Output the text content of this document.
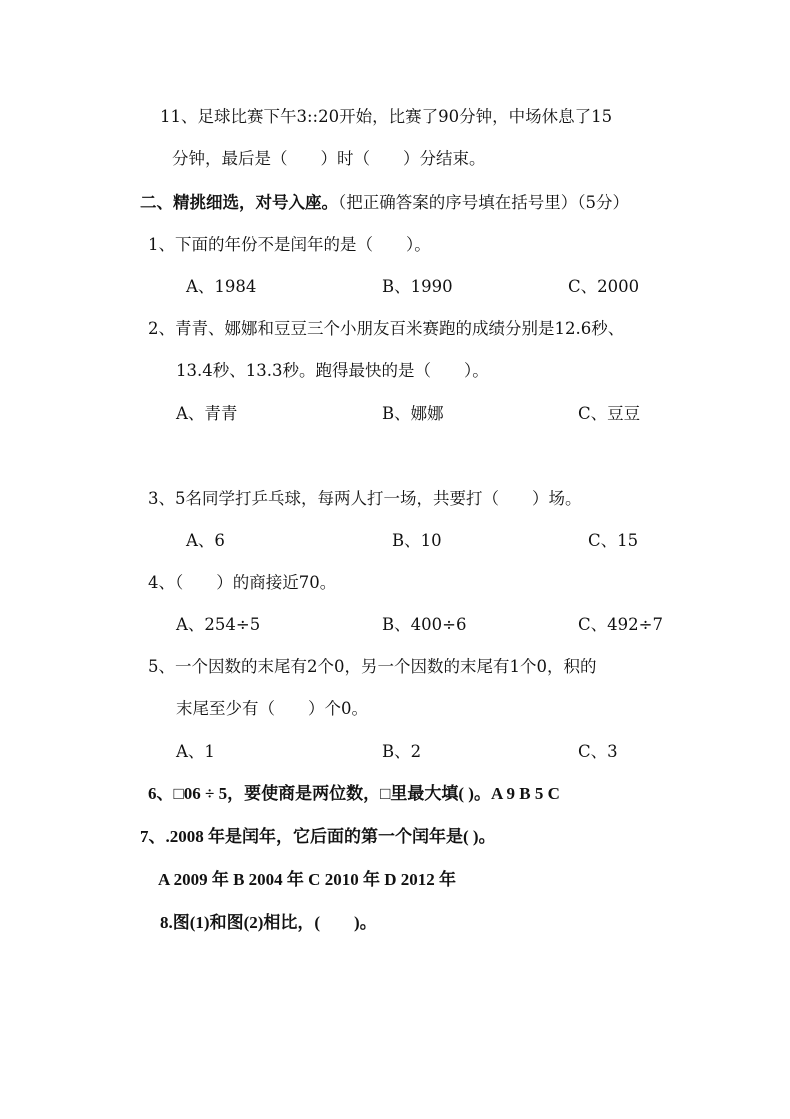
11、足球比赛下午3::20开始，比赛了90分钟，中场休息了15
分钟，最后是（　　）时（　　）分结束。
二、精挑细选，对号入座。（把正确答案的序号填在括号里）（5分）
1、下面的年份不是闰年的是（　　）。
A、1984	B、1990	C、2000
2、青青、娜娜和豆豆三个小朋友百米赛跑的成绩分别是12.6秒、
13.4秒、13.3秒。跑得最快的是（　　）。
A、青青	B、娜娜	C、豆豆
3、5名同学打乒乓球，每两人打一场，共要打（　　）场。
A、6	B、10	C、15
4、（　　）的商接近70。
A、254÷5	B、400÷6	C、492÷7
5、一个因数的末尾有2个0，另一个因数的末尾有1个0，积的
末尾至少有（　　）个0。
A、1	B、2	C、3
6、□06 ÷ 5，要使商是两位数，□里最大填( )。A 9 B 5 C
7、.2008 年是闰年，它后面的第一个闰年是( )。
A 2009 年 B 2004 年 C 2010 年 D 2012 年
8.图(1)和图(2)相比，(　　)。
